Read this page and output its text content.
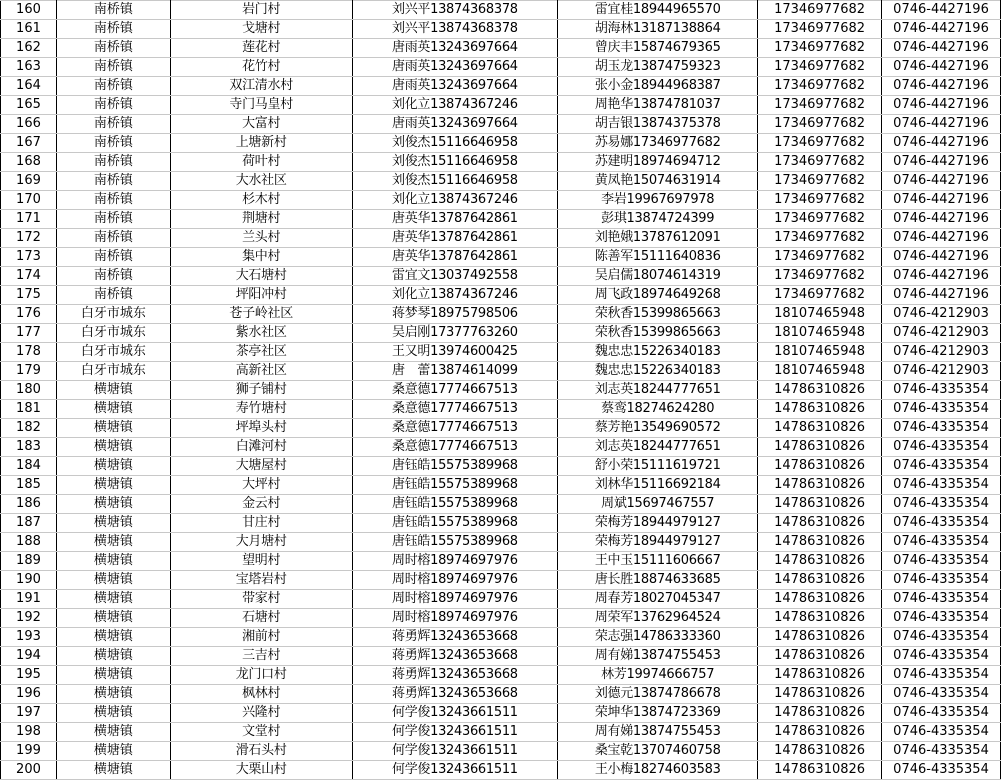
160	南桥镇	岩门村	刘兴平13874368378	雷宜桂18944965570	17346977682	0746-4427196
161	南桥镇	戈塘村	刘兴平13874368378	胡海林13187138864	17346977682	0746-4427196
162	南桥镇	莲花村	唐雨英13243697664	曾庆丰15874679365	17346977682	0746-4427196
163	南桥镇	花竹村	唐雨英13243697664	胡玉龙13874759323	17346977682	0746-4427196
164	南桥镇	双江清水村	唐雨英13243697664	张小金18944968387	17346977682	0746-4427196
165	南桥镇	寺门马皇村	刘化立13874367246	周艳华13874781037	17346977682	0746-4427196
166	南桥镇	大富村	唐雨英13243697664	胡吉银13874375378	17346977682	0746-4427196
167	南桥镇	上塘新村	刘俊杰15116646958	苏易娜17346977682	17346977682	0746-4427196
168	南桥镇	荷叶村	刘俊杰15116646958	苏建明18974694712	17346977682	0746-4427196
169	南桥镇	大水社区	刘俊杰15116646958	黄凤艳15074631914	17346977682	0746-4427196
170	南桥镇	杉木村	刘化立13874367246	李岩19967697978	17346977682	0746-4427196
171	南桥镇	荆塘村	唐英华13787642861	彭琪13874724399	17346977682	0746-4427196
172	南桥镇	兰头村	唐英华13787642861	刘艳娥13787612091	17346977682	0746-4427196
173	南桥镇	集中村	唐英华13787642861	陈善军15111640836	17346977682	0746-4427196
174	南桥镇	大石塘村	雷宜文13037492558	吴启儒18074614319	17346977682	0746-4427196
175	南桥镇	坪阳冲村	刘化立13874367246	周飞政18974649268	17346977682	0746-4427196
176	白牙市城东	苍子岭社区	蒋梦琴18975798506	荣秋香15399865663	18107465948	0746-4212903
177	白牙市城东	紫水社区	吴启刚17377763260	荣秋香15399865663	18107465948	0746-4212903
178	白牙市城东	茶亭社区	王又明13974600425	魏忠忠15226340183	18107465948	0746-4212903
179	白牙市城东	高新社区	唐　蕾13874614099	魏忠忠15226340183	18107465948	0746-4212903
180	横塘镇	狮子铺村	桑意德17774667513	刘志英18244777651	14786310826	0746-4335354
181	横塘镇	寿竹塘村	桑意德17774667513	蔡鸾18274624280	14786310826	0746-4335354
182	横塘镇	坪埠头村	桑意德17774667513	蔡芳艳13549690572	14786310826	0746-4335354
183	横塘镇	白滩河村	桑意德17774667513	刘志英18244777651	14786310826	0746-4335354
184	横塘镇	大塘屋村	唐钰皓15575389968	舒小荣15111619721	14786310826	0746-4335354
185	横塘镇	大坪村	唐钰皓15575389968	刘林华15116692184	14786310826	0746-4335354
186	横塘镇	金云村	唐钰皓15575389968	周斌15697467557	14786310826	0746-4335354
187	横塘镇	甘庄村	唐钰皓15575389968	荣梅芳18944979127	14786310826	0746-4335354
188	横塘镇	大月塘村	唐钰皓15575389968	荣梅芳18944979127	14786310826	0746-4335354
189	横塘镇	望明村	周时榕18974697976	王中玉15111606667	14786310826	0746-4335354
190	横塘镇	宝塔岩村	周时榕18974697976	唐长胜18874633685	14786310826	0746-4335354
191	横塘镇	带家村	周时榕18974697976	周春芳18027045347	14786310826	0746-4335354
192	横塘镇	石塘村	周时榕18974697976	周荣军13762964524	14786310826	0746-4335354
193	横塘镇	湘前村	蒋勇辉13243653668	荣志强14786333360	14786310826	0746-4335354
194	横塘镇	三吉村	蒋勇辉13243653668	周有娣13874755453	14786310826	0746-4335354
195	横塘镇	龙门口村	蒋勇辉13243653668	林芳19974666757	14786310826	0746-4335354
196	横塘镇	枫林村	蒋勇辉13243653668	刘德元13874786678	14786310826	0746-4335354
197	横塘镇	兴隆村	何学俊13243661511	荣坤华13874723369	14786310826	0746-4335354
198	横塘镇	文堂村	何学俊13243661511	周有娣13874755453	14786310826	0746-4335354
199	横塘镇	滑石头村	何学俊13243661511	桑宝乾13707460758	14786310826	0746-4335354
200	横塘镇	大栗山村	何学俊13243661511	王小梅18274603583	14786310826	0746-4335354
